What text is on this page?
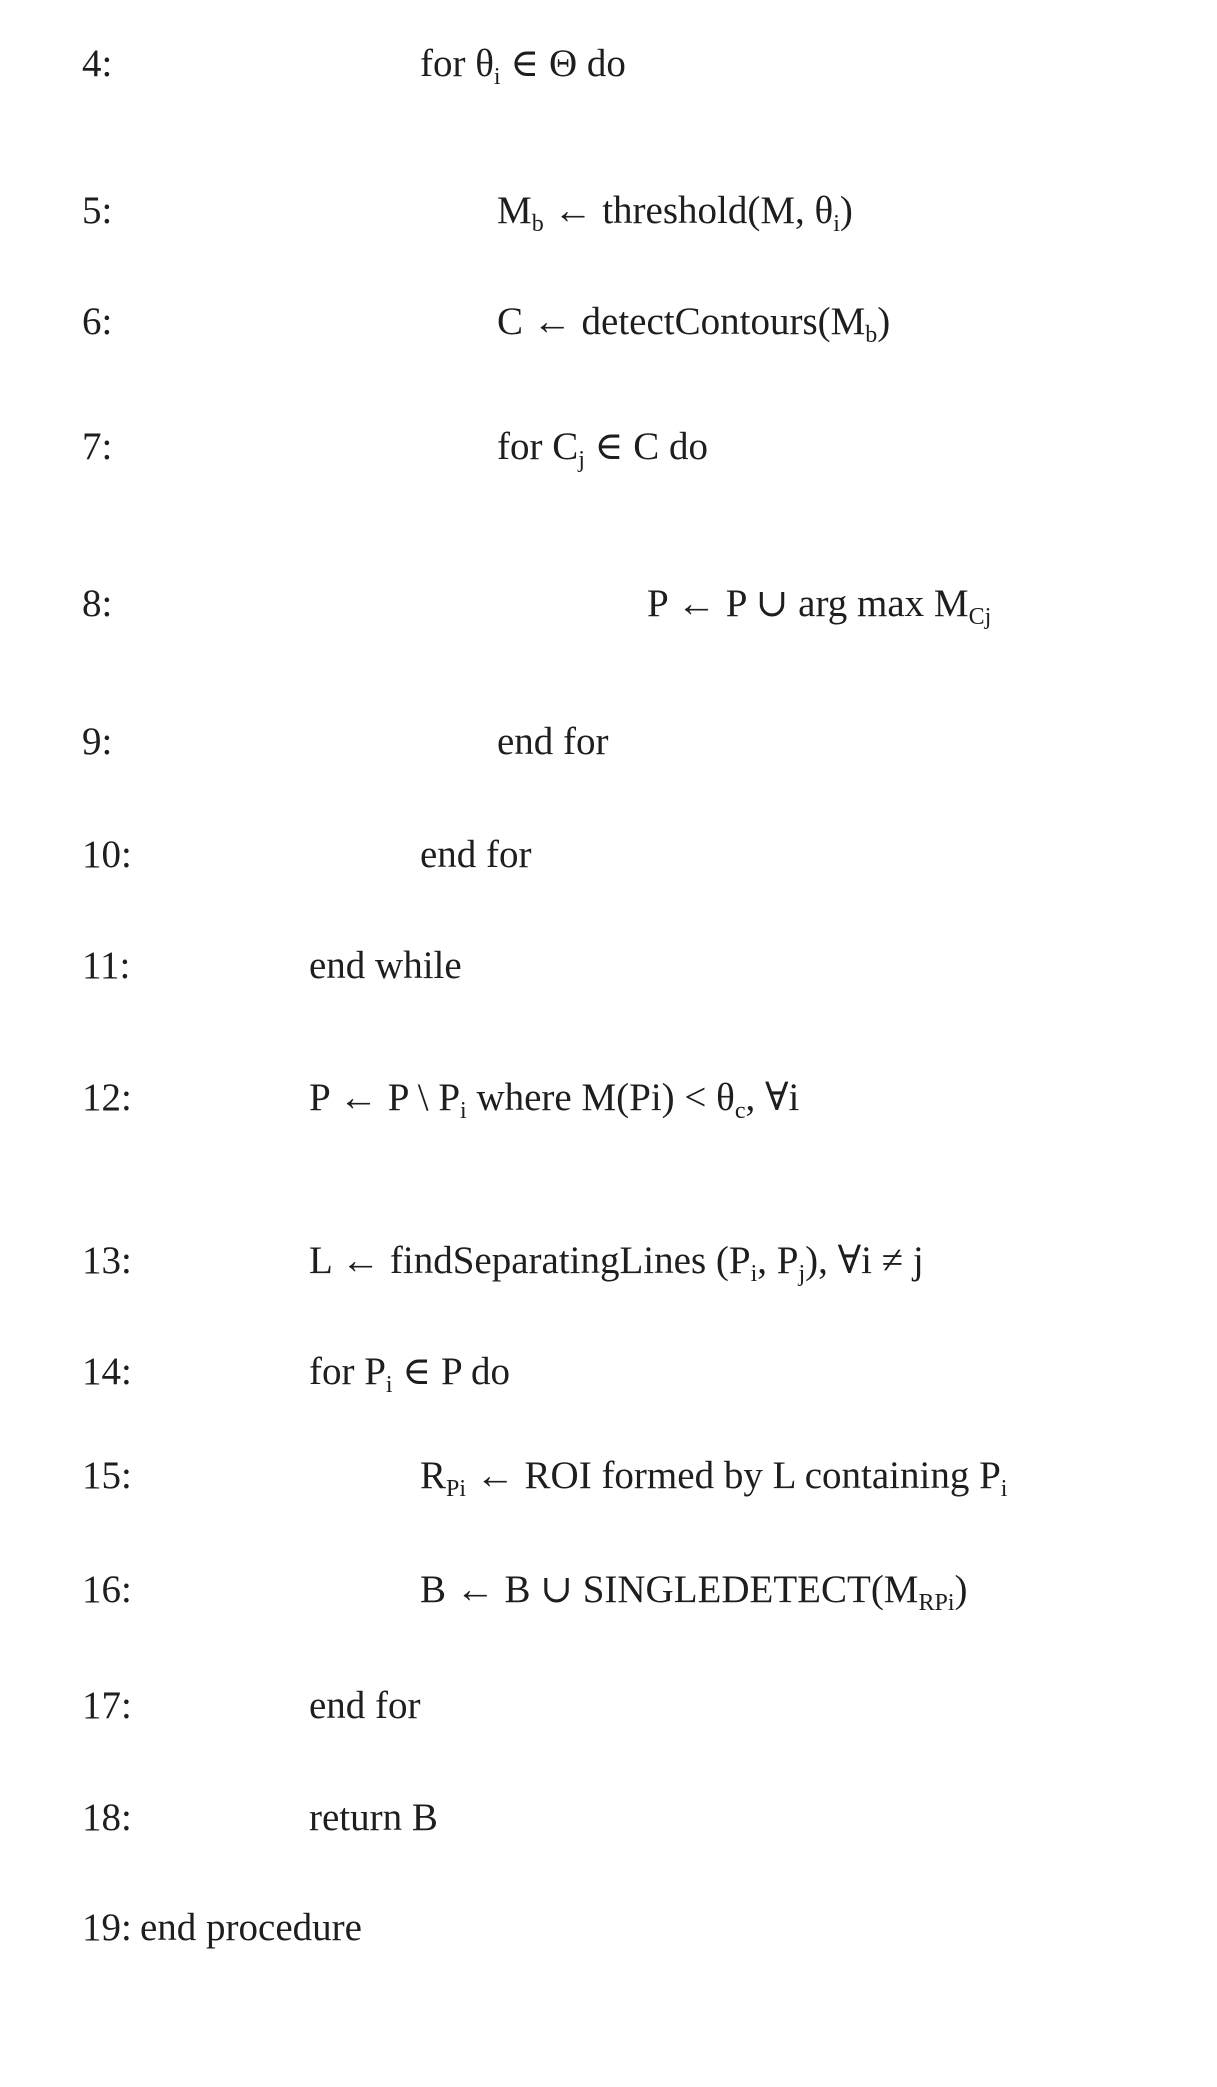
4:	for θi ∈ Θ do
5:	Mb ← threshold(M, θi)
6:	C ← detectContours(Mb)
7:	for Cj ∈ C do
8:	P ← P ∪ arg max MCj
9:	end for
10:	end for
11:	end while
12:	P ← P \ Pi where M(Pi) < θc, ∀i
13:	L ← findSeparatingLines (Pi, Pj), ∀i ≠ j
14:	for Pi ∈ P do
15:	RPi ← ROI formed by L containing Pi
16:	B ← B ∪ SINGLEDETECT(MRPi)
17:	end for
18:	return B
19: end procedure
